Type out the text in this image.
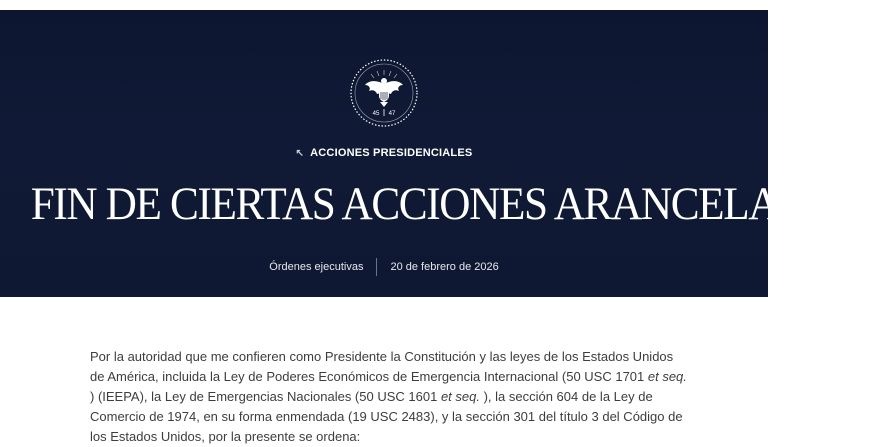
45 47
↖ ACCIONES PRESIDENCIALES
FIN DE CIERTAS ACCIONES ARANCELARIAS
Órdenes ejecutivas 20 de febrero de 2026

Por la autoridad que me confieren como Presidente la Constitución y las leyes de los Estados Unidos de América, incluida la Ley de Poderes Económicos de Emergencia Internacional (50 USC 1701 et seq. ) (IEEPA), la Ley de Emergencias Nacionales (50 USC 1601 et seq. ), la sección 604 de la Ley de Comercio de 1974, en su forma enmendada (19 USC 2483), y la sección 301 del título 3 del Código de los Estados Unidos, por la presente se ordena:
